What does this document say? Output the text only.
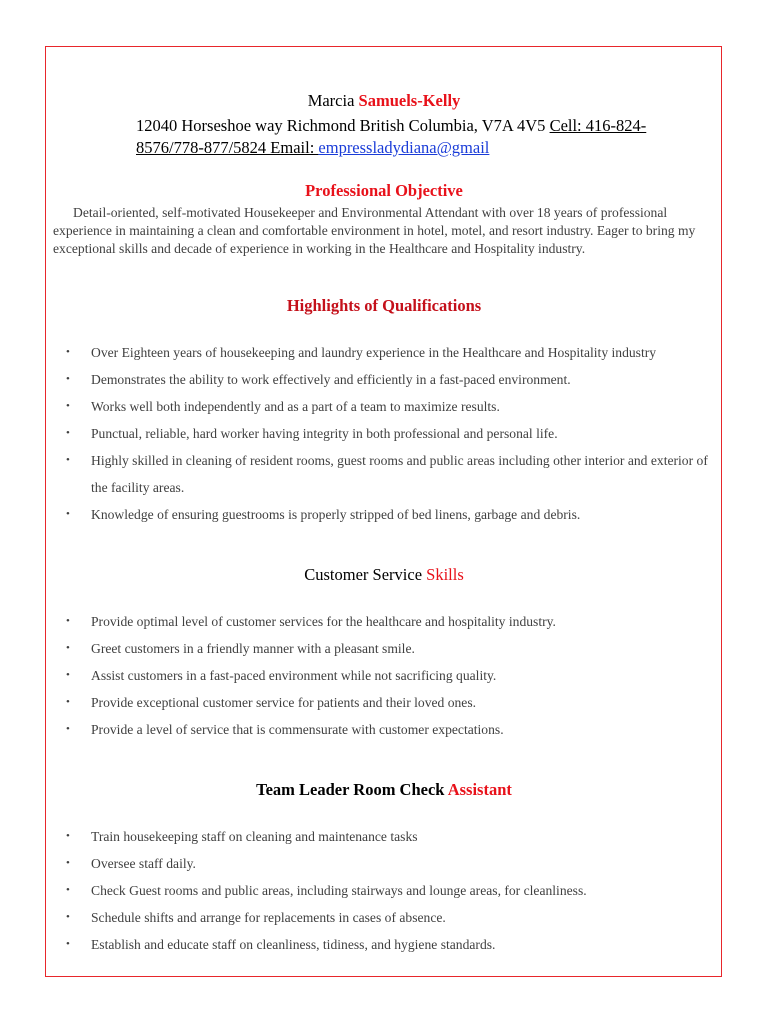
Marcia Samuels-Kelly
12040 Horseshoe way Richmond British Columbia, V7A 4V5 Cell: 416-824-8576/778-877/5824 Email: empressladydiana@gmail
Professional Objective
Detail-oriented, self-motivated Housekeeper and Environmental Attendant with over 18 years of professional experience in maintaining a clean and comfortable environment in hotel, motel, and resort industry. Eager to bring my exceptional skills and decade of experience in working in the Healthcare and Hospitality industry.
Highlights of Qualifications
• Over Eighteen years of housekeeping and laundry experience in the Healthcare and Hospitality industry
• Demonstrates the ability to work effectively and efficiently in a fast-paced environment.
• Works well both independently and as a part of a team to maximize results.
• Punctual, reliable, hard worker having integrity in both professional and personal life.
• Highly skilled in cleaning of resident rooms, guest rooms and public areas including other interior and exterior of the facility areas.
• Knowledge of ensuring guestrooms is properly stripped of bed linens, garbage and debris.
Customer Service Skills
• Provide optimal level of customer services for the healthcare and hospitality industry.
• Greet customers in a friendly manner with a pleasant smile.
• Assist customers in a fast-paced environment while not sacrificing quality.
• Provide exceptional customer service for patients and their loved ones.
• Provide a level of service that is commensurate with customer expectations.
Team Leader Room Check Assistant
• Train housekeeping staff on cleaning and maintenance tasks
• Oversee staff daily.
• Check Guest rooms and public areas, including stairways and lounge areas, for cleanliness.
• Schedule shifts and arrange for replacements in cases of absence.
• Establish and educate staff on cleanliness, tidiness, and hygiene standards.
